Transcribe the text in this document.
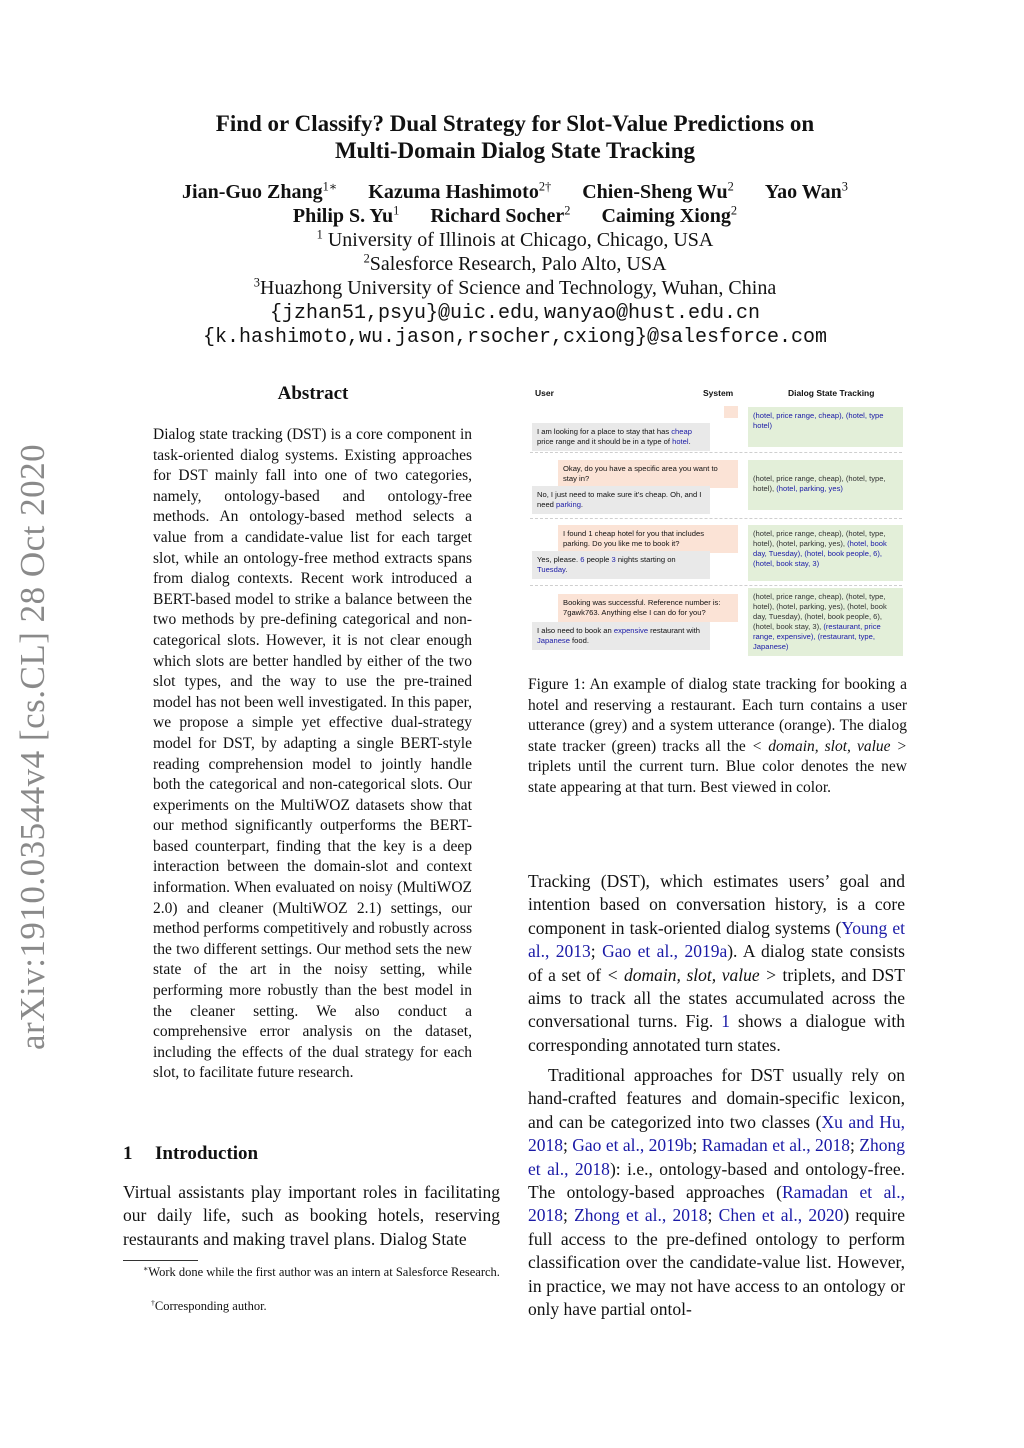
arXiv:1910.03544v4 [cs.CL] 28 Oct 2020
Find or Classify? Dual Strategy for Slot-Value Predictions on
Multi-Domain Dialog State Tracking
Jian-Guo Zhang$^{1∗}$ Kazuma Hashimoto$^{2\dagger}$ Chien-Sheng Wu$^2$ Yao Wan$^3$
Philip S. Yu$^1$ Richard Socher$^2$ Caiming Xiong$^2$
$^1$ University of Illinois at Chicago, Chicago, USA
$^2$Salesforce Research, Palo Alto, USA
$^3$Huazhong University of Science and Technology, Wuhan, China
{jzhan51,psyu}@uic.edu, wanyao@hust.edu.cn
{k.hashimoto,wu.jason,rsocher,cxiong}@salesforce.com
Abstract
Dialog state tracking (DST) is a core component in task-oriented dialog systems. Existing approaches for DST mainly fall into one of two categories, namely, ontology-based and ontology-free methods. An ontology-based method selects a value from a candidate-value list for each target slot, while an ontology-free method extracts spans from dialog contexts. Recent work introduced a BERT-based model to strike a balance between the two methods by pre-defining categorical and non-categorical slots. However, it is not clear enough which slots are better handled by either of the two slot types, and the way to use the pre-trained model has not been well investigated. In this paper, we propose a simple yet effective dual-strategy model for DST, by adapting a single BERT-style reading comprehension model to jointly handle both the categorical and non-categorical slots. Our experiments on the MultiWOZ datasets show that our method significantly outperforms the BERT-based counterpart, finding that the key is a deep interaction between the domain-slot and context information. When evaluated on noisy (MultiWOZ 2.0) and cleaner (MultiWOZ 2.1) settings, our method performs competitively and robustly across the two different settings. Our method sets the new state of the art in the noisy setting, while performing more robustly than the best model in the cleaner setting. We also conduct a comprehensive error analysis on the dataset, including the effects of the dual strategy for each slot, to facilitate future research.
1 Introduction
Virtual assistants play important roles in facilitating our daily life, such as booking hotels, reserving restaurants and making travel plans. Dialog State
∗Work done while the first author was an intern at Salesforce Research.
†Corresponding author.
User	System	Dialog State Tracking
I am looking for a place to stay that has cheap price range and it should be in a type of hotel.
(hotel, price range, cheap), (hotel, type hotel)
Okay, do you have a specific area you want to stay in?
No, I just need to make sure it's cheap. Oh, and I need parking.
(hotel, price range, cheap), (hotel, type, hotel), (hotel, parking, yes)
I found 1 cheap hotel for you that includes parking. Do you like me to book it?
Yes, please. 6 people 3 nights starting on Tuesday.
(hotel, price range, cheap), (hotel, type, hotel), (hotel, parking, yes), (hotel, book day, Tuesday), (hotel, book people, 6), (hotel, book stay, 3)
Booking was successful. Reference number is: 7gawk763. Anything else I can do for you?
I also need to book an expensive restaurant with Japanese food.
(hotel, price range, cheap), (hotel, type, hotel), (hotel, parking, yes), (hotel, book day, Tuesday), (hotel, book people, 6), (hotel, book stay, 3), (restaurant, price range, expensive), (restaurant, type, Japanese)
Figure 1: An example of dialog state tracking for booking a hotel and reserving a restaurant. Each turn contains a user utterance (grey) and a system utterance (orange). The dialog state tracker (green) tracks all the < domain, slot, value > triplets until the current turn. Blue color denotes the new state appearing at that turn. Best viewed in color.
Tracking (DST), which estimates users’ goal and intention based on conversation history, is a core component in task-oriented dialog systems (Young et al., 2013; Gao et al., 2019a). A dialog state consists of a set of < domain, slot, value > triplets, and DST aims to track all the states accumulated across the conversational turns. Fig. 1 shows a dialogue with corresponding annotated turn states.
Traditional approaches for DST usually rely on hand-crafted features and domain-specific lexicon, and can be categorized into two classes (Xu and Hu, 2018; Gao et al., 2019b; Ramadan et al., 2018; Zhong et al., 2018): i.e., ontology-based and ontology-free. The ontology-based approaches (Ramadan et al., 2018; Zhong et al., 2018; Chen et al., 2020) require full access to the pre-defined ontology to perform classification over the candidate-value list. However, in practice, we may not have access to an ontology or only have partial ontol-
